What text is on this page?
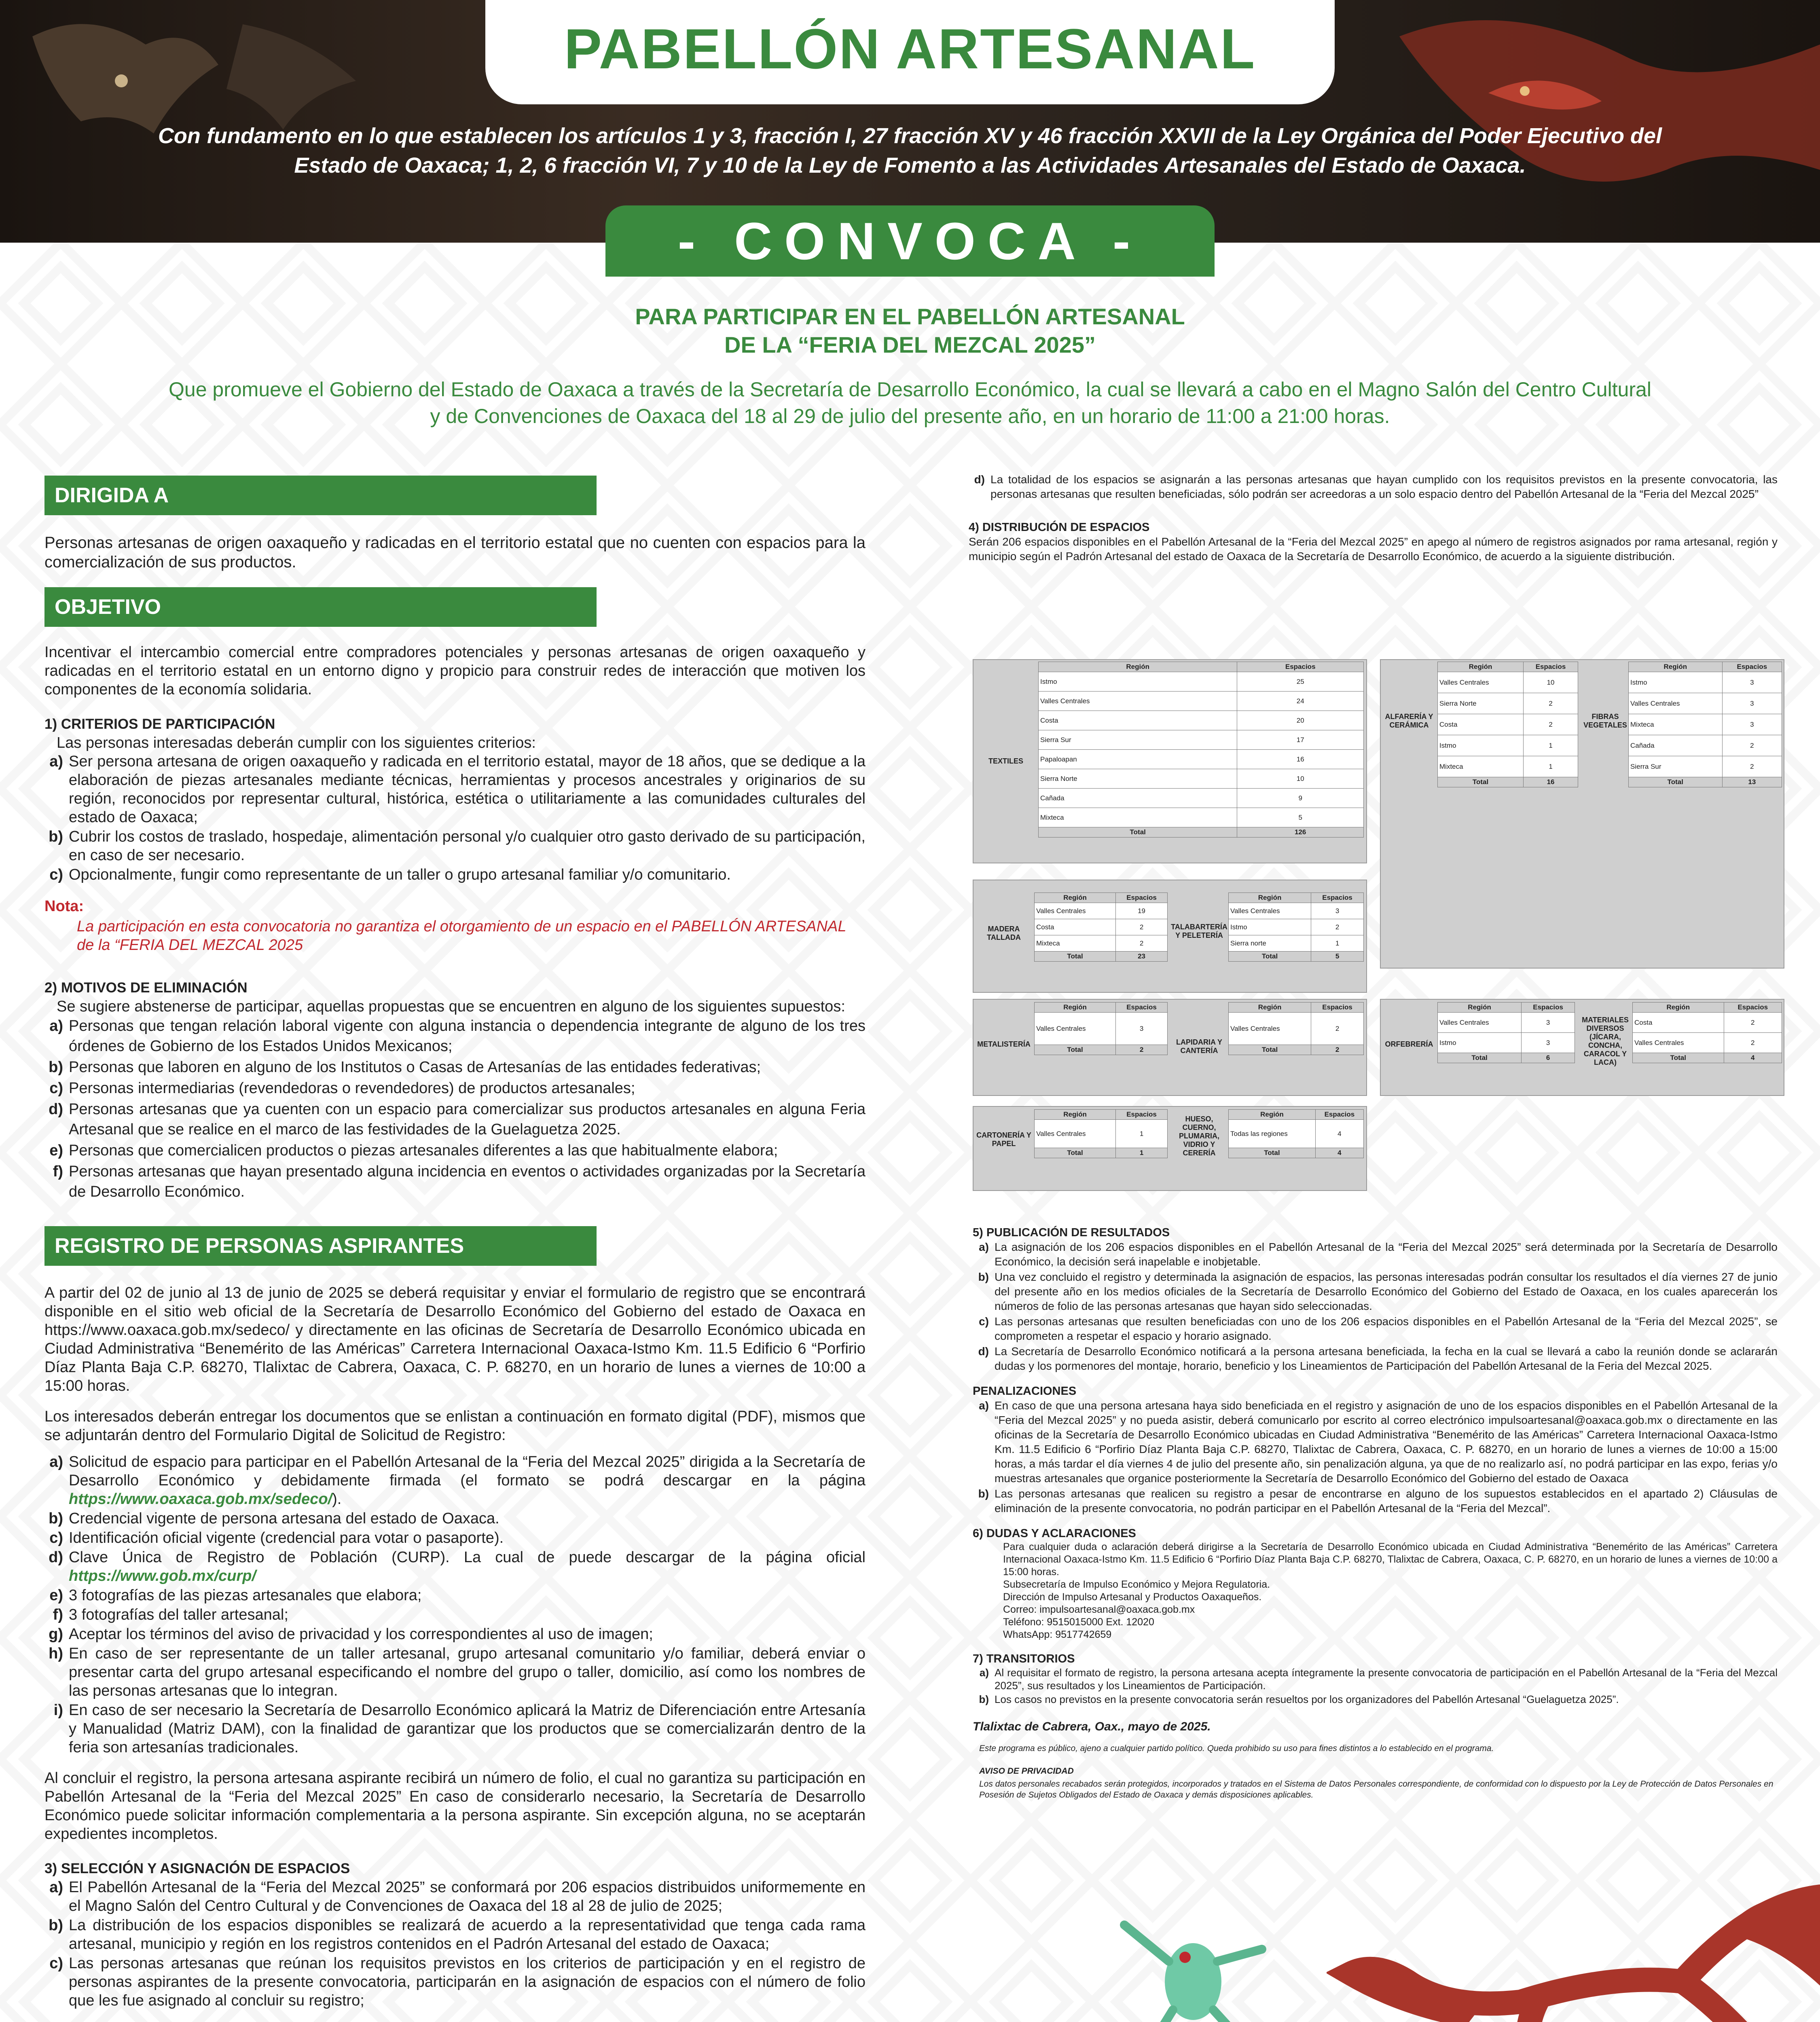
PABELLÓN ARTESANAL
Con fundamento en lo que establecen los artículos 1 y 3, fracción I, 27 fracción XV y 46 fracción XXVII de la Ley Orgánica del Poder Ejecutivo del Estado de Oaxaca; 1, 2, 6 fracción VI, 7 y 10 de la Ley de Fomento a las Actividades Artesanales del Estado de Oaxaca.
- CONVOCA -
PARA PARTICIPAR EN EL PABELLÓN ARTESANAL
DE LA “FERIA DEL MEZCAL 2025”
Que promueve el Gobierno del Estado de Oaxaca a través de la Secretaría de Desarrollo Económico, la cual se llevará a cabo en el Magno Salón del Centro Cultural y de Convenciones de Oaxaca del 18 al 29 de julio del presente año, en un horario de 11:00 a 21:00 horas.
DIRIGIDA A
Personas artesanas de origen oaxaqueño y radicadas en el territorio estatal que no cuenten con espacios para la comercialización de sus productos.
OBJETIVO
Incentivar el intercambio comercial entre compradores potenciales y personas artesanas de origen oaxaqueño y radicadas en el territorio estatal en un entorno digno y propicio para construir redes de interacción que motiven los componentes de la economía solidaria.
1) CRITERIOS DE PARTICIPACIÓN
Las personas interesadas deberán cumplir con los siguientes criterios:
a) Ser persona artesana de origen oaxaqueño y radicada en el territorio estatal, mayor de 18 años, que se dedique a la elaboración de piezas artesanales mediante técnicas, herramientas y procesos ancestrales y originarios de su región, reconocidos por representar cultural, histórica, estética o utilitariamente a las comunidades culturales del estado de Oaxaca;
b) Cubrir los costos de traslado, hospedaje, alimentación personal y/o cualquier otro gasto derivado de su participación, en caso de ser necesario.
c) Opcionalmente, fungir como representante de un taller o grupo artesanal familiar y/o comunitario.
Nota:
La participación en esta convocatoria no garantiza el otorgamiento de un espacio en el PABELLÓN ARTESANAL de la “FERIA DEL MEZCAL 2025
2) MOTIVOS DE ELIMINACIÓN
Se sugiere abstenerse de participar, aquellas propuestas que se encuentren en alguno de los siguientes supuestos:
a) Personas que tengan relación laboral vigente con alguna instancia o dependencia integrante de alguno de los tres órdenes de Gobierno de los Estados Unidos Mexicanos;
b) Personas que laboren en alguno de los Institutos o Casas de Artesanías de las entidades federativas;
c) Personas intermediarias (revendedoras o revendedores) de productos artesanales;
d) Personas artesanas que ya cuenten con un espacio para comercializar sus productos artesanales en alguna Feria Artesanal que se realice en el marco de las festividades de la Guelaguetza 2025.
e) Personas que comercialicen productos o piezas artesanales diferentes a las que habitualmente elabora;
f) Personas artesanas que hayan presentado alguna incidencia en eventos o actividades organizadas por la Secretaría de Desarrollo Económico.
REGISTRO DE PERSONAS ASPIRANTES
A partir del 02 de junio al 13 de junio de 2025 se deberá requisitar y enviar el formulario de registro que se encontrará disponible en el sitio web oficial de la Secretaría de Desarrollo Económico del Gobierno del estado de Oaxaca en https://www.oaxaca.gob.mx/sedeco/ y directamente en las oficinas de Secretaría de Desarrollo Económico ubicada en Ciudad Administrativa “Benemérito de las Américas” Carretera Internacional Oaxaca-Istmo Km. 11.5 Edificio 6 “Porfirio Díaz Planta Baja C.P. 68270, Tlalixtac de Cabrera, Oaxaca, C. P. 68270, en un horario de lunes a viernes de 10:00 a 15:00 horas.
Los interesados deberán entregar los documentos que se enlistan a continuación en formato digital (PDF), mismos que se adjuntarán dentro del Formulario Digital de Solicitud de Registro:
a) Solicitud de espacio para participar en el Pabellón Artesanal de la “Feria del Mezcal 2025” dirigida a la Secretaría de Desarrollo Económico y debidamente firmada (el formato se podrá descargar en la página https://www.oaxaca.gob.mx/sedeco/).
b) Credencial vigente de persona artesana del estado de Oaxaca.
c) Identificación oficial vigente (credencial para votar o pasaporte).
d) Clave Única de Registro de Población (CURP). La cual de puede descargar de la página oficial https://www.gob.mx/curp/
e) 3 fotografías de las piezas artesanales que elabora;
f) 3 fotografías del taller artesanal;
g) Aceptar los términos del aviso de privacidad y los correspondientes al uso de imagen;
h) En caso de ser representante de un taller artesanal, grupo artesanal comunitario y/o familiar, deberá enviar o presentar carta del grupo artesanal especificando el nombre del grupo o taller, domicilio, así como los nombres de las personas artesanas que lo integran.
i) En caso de ser necesario la Secretaría de Desarrollo Económico aplicará la Matriz de Diferenciación entre Artesanía y Manualidad (Matriz DAM), con la finalidad de garantizar que los productos que se comercializarán dentro de la feria son artesanías tradicionales.
Al concluir el registro, la persona artesana aspirante recibirá un número de folio, el cual no garantiza su participación en Pabellón Artesanal de la “Feria del Mezcal 2025” En caso de considerarlo necesario, la Secretaría de Desarrollo Económico puede solicitar información complementaria a la persona aspirante. Sin excepción alguna, no se aceptarán expedientes incompletos.
3) SELECCIÓN Y ASIGNACIÓN DE ESPACIOS
a) El Pabellón Artesanal de la “Feria del Mezcal 2025” se conformará por 206 espacios distribuidos uniformemente en el Magno Salón del Centro Cultural y de Convenciones de Oaxaca del 18 al 28 de julio de 2025;
b) La distribución de los espacios disponibles se realizará de acuerdo a la representatividad que tenga cada rama artesanal, municipio y región en los registros contenidos en el Padrón Artesanal del estado de Oaxaca;
c) Las personas artesanas que reúnan los requisitos previstos en los criterios de participación y en el registro de personas aspirantes de la presente convocatoria, participarán en la asignación de espacios con el número de folio que les fue asignado al concluir su registro;
d) La totalidad de los espacios se asignarán a las personas artesanas que hayan cumplido con los requisitos previstos en la presente convocatoria, las personas artesanas que resulten beneficiadas, sólo podrán ser acreedoras a un solo espacio dentro del Pabellón Artesanal de la “Feria del Mezcal 2025”
4) DISTRIBUCIÓN DE ESPACIOS
Serán 206 espacios disponibles en el Pabellón Artesanal de la “Feria del Mezcal 2025” en apego al número de registros asignados por rama artesanal, región y municipio según el Padrón Artesanal del estado de Oaxaca de la Secretaría de Desarrollo Económico, de acuerdo a la siguiente distribución.
TEXTILES
Región	Espacios
Istmo	25
Valles Centrales	24
Costa	20
Sierra Sur	17
Papaloapan	16
Sierra Norte	10
Cañada	9
Mixteca	5
Total	126
ALFARERÍA Y CERÁMICA
Región	Espacios
Valles Centrales	10
Sierra Norte	2
Costa	2
Istmo	1
Mixteca	1
Total	16
FIBRAS VEGETALES
Región	Espacios
Istmo	3
Valles Centrales	3
Mixteca	3
Cañada	2
Sierra Sur	2
Total	13
MADERA TALLADA
Región	Espacios
Valles Centrales	19
Costa	2
Mixteca	2
Total	23
TALABARTERÍA Y PELETERÍA
Región	Espacios
Valles Centrales	3
Istmo	2
Sierra norte	1
Total	5
METALISTERÍA
Región	Espacios
Valles Centrales	3
Total	2
LAPIDARIA Y CANTERÍA
Región	Espacios
Valles Centrales	2
Total	2
ORFEBRERÍA
Región	Espacios
Valles Centrales	3
Istmo	3
Total	6
MATERIALES DIVERSOS (JÍCARA, CONCHA, CARACOL Y LACA)
Región	Espacios
Costa	2
Valles Centrales	2
Total	4
CARTONERÍA Y PAPEL
Región	Espacios
Valles Centrales	1
Total	1
HUESO, CUERNO, PLUMARIA, VIDRIO Y CERERÍA
Región	Espacios
Todas las regiones	4
Total	4
5) PUBLICACIÓN DE RESULTADOS
a) La asignación de los 206 espacios disponibles en el Pabellón Artesanal de la “Feria del Mezcal 2025” será determinada por la Secretaría de Desarrollo Económico, la decisión será inapelable e inobjetable.
b) Una vez concluido el registro y determinada la asignación de espacios, las personas interesadas podrán consultar los resultados el día viernes 27 de junio del presente año en los medios oficiales de la Secretaría de Desarrollo Económico del Gobierno del Estado de Oaxaca, en los cuales aparecerán los números de folio de las personas artesanas que hayan sido seleccionadas.
c) Las personas artesanas que resulten beneficiadas con uno de los 206 espacios disponibles en el Pabellón Artesanal de la “Feria del Mezcal 2025”, se comprometen a respetar el espacio y horario asignado.
d) La Secretaría de Desarrollo Económico notificará a la persona artesana beneficiada, la fecha en la cual se llevará a cabo la reunión donde se aclararán dudas y los pormenores del montaje, horario, beneficio y los Lineamientos de Participación del Pabellón Artesanal de la Feria del Mezcal 2025.
PENALIZACIONES
a) En caso de que una persona artesana haya sido beneficiada en el registro y asignación de uno de los espacios disponibles en el Pabellón Artesanal de la “Feria del Mezcal 2025” y no pueda asistir, deberá comunicarlo por escrito al correo electrónico impulsoartesanal@oaxaca.gob.mx o directamente en las oficinas de la Secretaría de Desarrollo Económico ubicadas en Ciudad Administrativa “Benemérito de las Américas” Carretera Internacional Oaxaca-Istmo Km. 11.5 Edificio 6 “Porfirio Díaz Planta Baja C.P. 68270, Tlalixtac de Cabrera, Oaxaca, C. P. 68270, en un horario de lunes a viernes de 10:00 a 15:00 horas, a más tardar el día viernes 4 de julio del presente año, sin penalización alguna, ya que de no realizarlo así, no podrá participar en las expo, ferias y/o muestras artesanales que organice posteriormente la Secretaría de Desarrollo Económico del Gobierno del estado de Oaxaca
b) Las personas artesanas que realicen su registro a pesar de encontrarse en alguno de los supuestos establecidos en el apartado 2) Cláusulas de eliminación de la presente convocatoria, no podrán participar en el Pabellón Artesanal de la “Feria del Mezcal”.
6) DUDAS Y ACLARACIONES
Para cualquier duda o aclaración deberá dirigirse a la Secretaría de Desarrollo Económico ubicada en Ciudad Administrativa “Benemérito de las Américas” Carretera Internacional Oaxaca-Istmo Km. 11.5 Edificio 6 “Porfirio Díaz Planta Baja C.P. 68270, Tlalixtac de Cabrera, Oaxaca, C. P. 68270, en un horario de lunes a viernes de 10:00 a 15:00 horas.
Subsecretaría de Impulso Económico y Mejora Regulatoria.
Dirección de Impulso Artesanal y Productos Oaxaqueños.
Correo: impulsoartesanal@oaxaca.gob.mx
Teléfono: 9515015000 Ext. 12020
WhatsApp: 9517742659
7) TRANSITORIOS
a) Al requisitar el formato de registro, la persona artesana acepta íntegramente la presente convocatoria de participación en el Pabellón Artesanal de la “Feria del Mezcal 2025”, sus resultados y los Lineamientos de Participación.
b) Los casos no previstos en la presente convocatoria serán resueltos por los organizadores del Pabellón Artesanal “Guelaguetza 2025”.
Tlalixtac de Cabrera, Oax., mayo de 2025.
Este programa es público, ajeno a cualquier partido político. Queda prohibido su uso para fines distintos a lo establecido en el programa.
AVISO DE PRIVACIDAD
Los datos personales recabados serán protegidos, incorporados y tratados en el Sistema de Datos Personales correspondiente, de conformidad con lo dispuesto por la Ley de Protección de Datos Personales en Posesión de Sujetos Obligados del Estado de Oaxaca y demás disposiciones aplicables.
